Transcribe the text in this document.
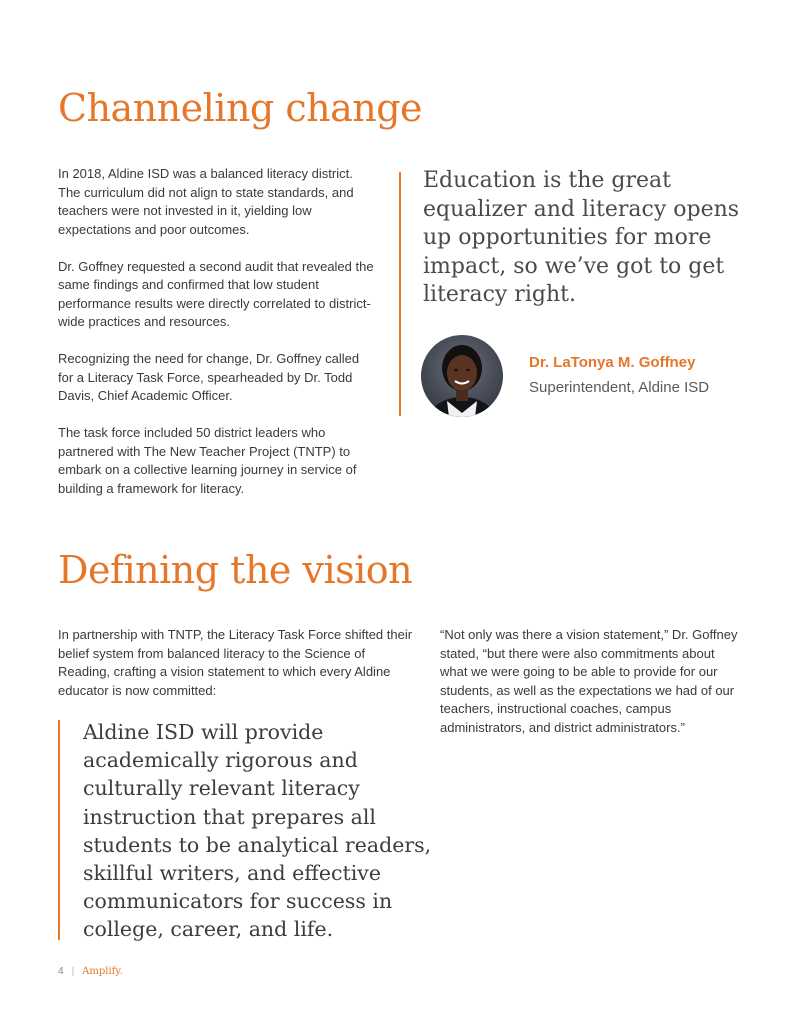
Channeling change

In 2018, Aldine ISD was a balanced literacy district. The curriculum did not align to state standards, and teachers were not invested in it, yielding low expectations and poor outcomes.

Dr. Goffney requested a second audit that revealed the same findings and confirmed that low student performance results were directly correlated to district-wide practices and resources.

Recognizing the need for change, Dr. Goffney called for a Literacy Task Force, spearheaded by Dr. Todd Davis, Chief Academic Officer.

The task force included 50 district leaders who partnered with The New Teacher Project (TNTP) to embark on a collective learning journey in service of building a framework for literacy.

Education is the great equalizer and literacy opens up opportunities for more impact, so we’ve got to get literacy right.
Dr. LaTonya M. Goffney
Superintendent, Aldine ISD
Defining the vision

In partnership with TNTP, the Literacy Task Force shifted their belief system from balanced literacy to the Science of Reading, crafting a vision statement to which every Aldine educator is now committed:

Aldine ISD will provide academically rigorous and culturally relevant literacy instruction that prepares all students to be analytical readers, skillful writers, and effective communicators for success in college, career, and life.

“Not only was there a vision statement,” Dr. Goffney stated, “but there were also commitments about what we were going to be able to provide for our students, as well as the expectations we had of our teachers, instructional coaches, campus administrators, and district administrators.”

4 | Amplify.
